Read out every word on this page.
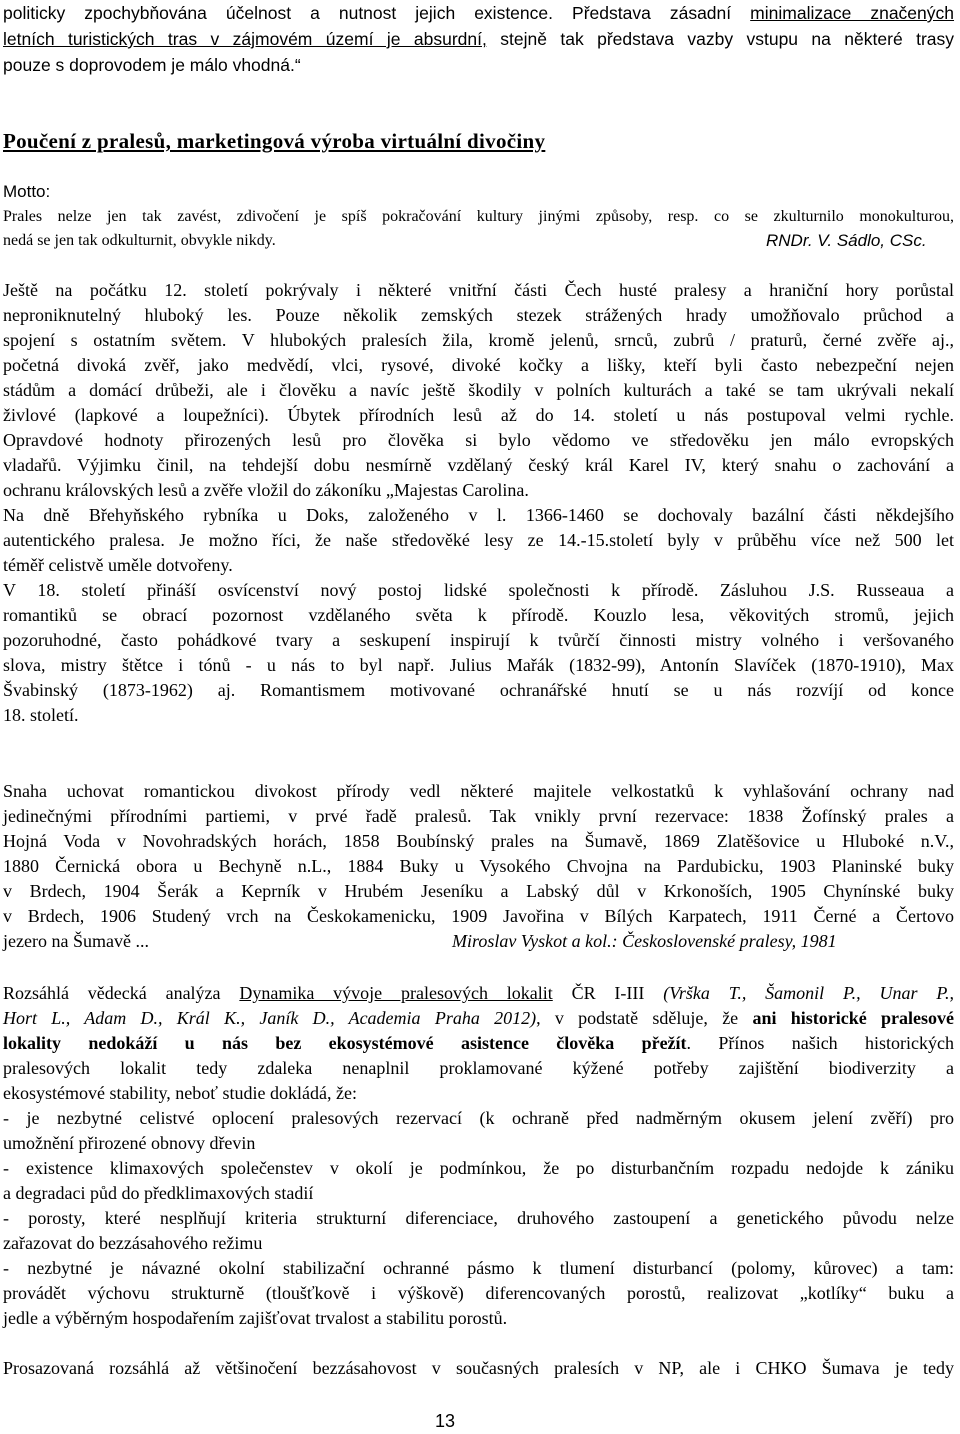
politicky zpochybňována účelnost a nutnost jejich existence. Představa zásadní minimalizace značených
letních turistických tras v zájmovém území je absurdní, stejně tak představa vazby vstupu na některé trasy
pouze s doprovodem je málo vhodná.“
Poučení z pralesů, marketingová výroba virtuální divočiny
Motto:
Prales nelze jen tak zavést, zdivočení je spíš pokračování kultury jinými způsoby, resp. co se zkulturnilo monokulturou,
nedá se jen tak odkulturnit, obvykle nikdy.	RNDr. V. Sádlo, CSc.
Ještě na počátku 12. století pokrývaly i některé vnitřní části Čech husté pralesy a hraniční hory porůstal
neproniknutelný hluboký les. Pouze několik zemských stezek strážených hrady umožňovalo průchod a
spojení s ostatním světem. V hlubokých pralesích žila, kromě jelenů, srnců, zubrů / praturů, černé zvěře aj.,
početná divoká zvěř, jako medvědí, vlci, rysové, divoké kočky a lišky, kteří byli často nebezpeční nejen
stádům a domácí drůbeži, ale i člověku a navíc ještě škodily v polních kulturách a také se tam ukrývali nekalí
živlové (lapkové a loupežníci). Úbytek přírodních lesů až do 14. století u nás postupoval velmi rychle.
Opravdové hodnoty přirozených lesů pro člověka si bylo vědomo ve středověku jen málo evropských
vladařů. Výjimku činil, na tehdejší dobu nesmírně vzdělaný český král Karel IV, který snahu o zachování a
ochranu královských lesů a zvěře vložil do zákoníku „Majestas Carolina.
Na dně Břehyňského rybníka u Doks, založeného v l. 1366-1460 se dochovaly bazální části někdejšího
autentického pralesa. Je možno říci, že naše středověké lesy ze 14.-15.století byly v průběhu více než 500 let
téměř celistvě uměle dotvořeny.
V 18. století přináší osvícenství nový postoj lidské společnosti k přírodě. Zásluhou J.S. Russeaua a
romantiků se obrací pozornost vzdělaného světa k přírodě. Kouzlo lesa, věkovitých stromů, jejich
pozoruhodné, často pohádkové tvary a seskupení inspirují k tvůrčí činnosti mistry volného i veršovaného
slova, mistry štětce i tónů - u nás to byl např. Julius Mařák (1832-99), Antonín Slavíček (1870-1910), Max
Švabinský (1873-1962) aj. Romantismem motivované ochranářské hnutí se u nás rozvíjí od konce
18. století.
Snaha uchovat romantickou divokost přírody vedl některé majitele velkostatků k vyhlašování ochrany nad
jedinečnými přírodními partiemi, v prvé řadě pralesů. Tak vnikly první rezervace: 1838 Žofínský prales a
Hojná Voda v Novohradských horách, 1858 Boubínský prales na Šumavě, 1869 Zlatěšovice u Hluboké n.V.,
1880 Černická obora u Bechyně n.L., 1884 Buky u Vysokého Chvojna na Pardubicku, 1903 Planinské buky
v Brdech, 1904 Šerák a Keprník v Hrubém Jeseníku a Labský důl v Krkonoších, 1905 Chynínské buky
v Brdech, 1906 Studený vrch na Českokamenicku, 1909 Javořina v Bílých Karpatech, 1911 Černé a Čertovo
jezero na Šumavě ...	Miroslav Vyskot a kol.: Československé pralesy, 1981
Rozsáhlá vědecká analýza Dynamika vývoje pralesových lokalit ČR I-III (Vrška T., Šamonil P., Unar P.,
Hort L., Adam D., Král K., Janík D., Academia Praha 2012), v podstatě sděluje, že ani historické pralesové
lokality nedokáží u nás bez ekosystémové asistence člověka přežít. Přínos našich historických
pralesových lokalit tedy zdaleka nenaplnil proklamované kýžené potřeby zajištění biodiverzity a
ekosystémové stability, neboť studie dokládá, že:
- je nezbytné celistvé oplocení pralesových rezervací (k ochraně před nadměrným okusem jelení zvěří) pro
umožnění přirozené obnovy dřevin
- existence klimaxových společenstev v okolí je podmínkou, že po disturbančním rozpadu nedojde k zániku
a degradaci půd do předklimaxových stadií
- porosty, které nesplňují kriteria strukturní diferenciace, druhového zastoupení a genetického původu nelze
zařazovat do bezzásahového režimu
- nezbytné je návazné okolní stabilizační ochranné pásmo k tlumení disturbancí (polomy, kůrovec) a tam:
provádět výchovu strukturně (tloušťkově i výškově) diferencovaných porostů, realizovat „kotlíky“ buku a
jedle a výběrným hospodařením zajišťovat trvalost a stabilitu porostů.
Prosazovaná rozsáhlá až většinočení bezzásahovost v současných pralesích v NP, ale i CHKO Šumava je tedy
13
